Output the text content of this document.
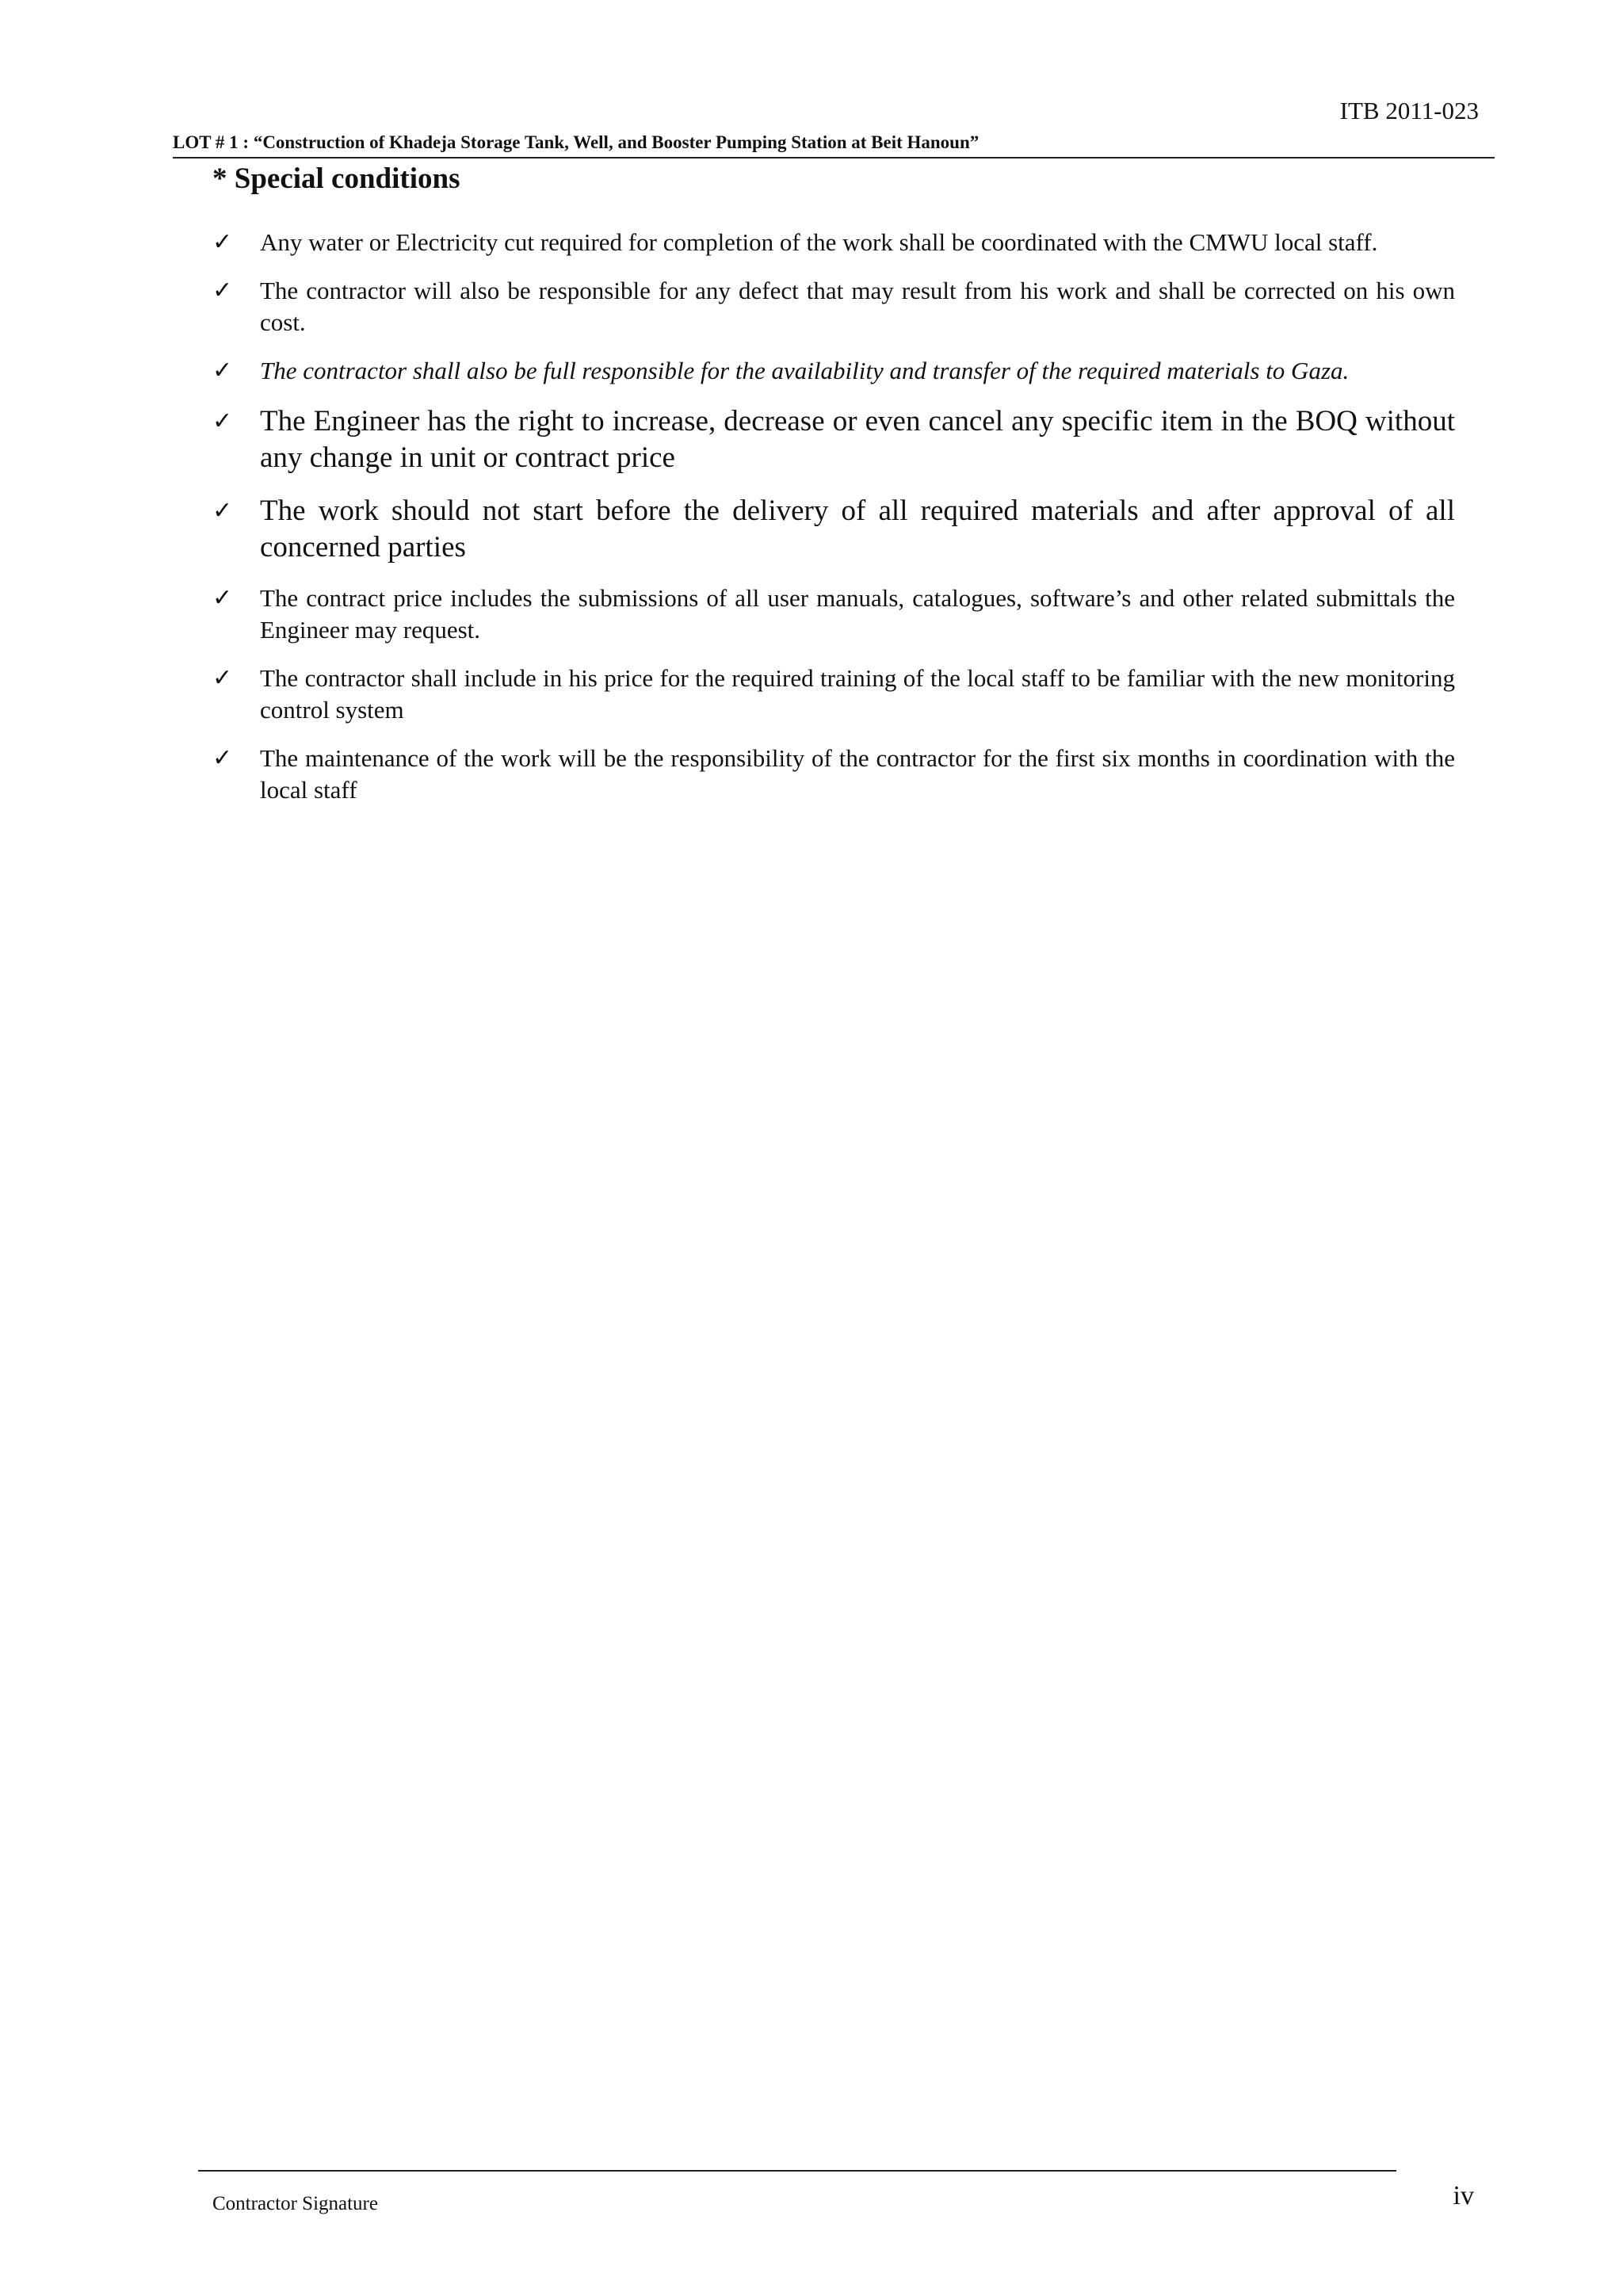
ITB 2011-023
LOT # 1 : “Construction of Khadeja Storage Tank, Well, and Booster Pumping Station at Beit Hanoun”
* Special conditions
✓ Any water or Electricity cut required for completion of the work shall be coordinated with the CMWU local staff.
✓ The contractor will also be responsible for any defect that may result from his work and shall be corrected on his own cost.
✓ The contractor shall also be full responsible for the availability and transfer of the required materials to Gaza.
✓ The Engineer has the right to increase, decrease or even cancel any specific item in the BOQ without any change in unit or contract price
✓ The work should not start before the delivery of all required materials and after approval of all concerned parties
✓ The contract price includes the submissions of all user manuals, catalogues, software’s and other related submittals the Engineer may request.
✓ The contractor shall include in his price for the required training of the local staff to be familiar with the new monitoring control system
✓ The maintenance of the work will be the responsibility of the contractor for the first six months in coordination with the local staff
Contractor Signature	iv
